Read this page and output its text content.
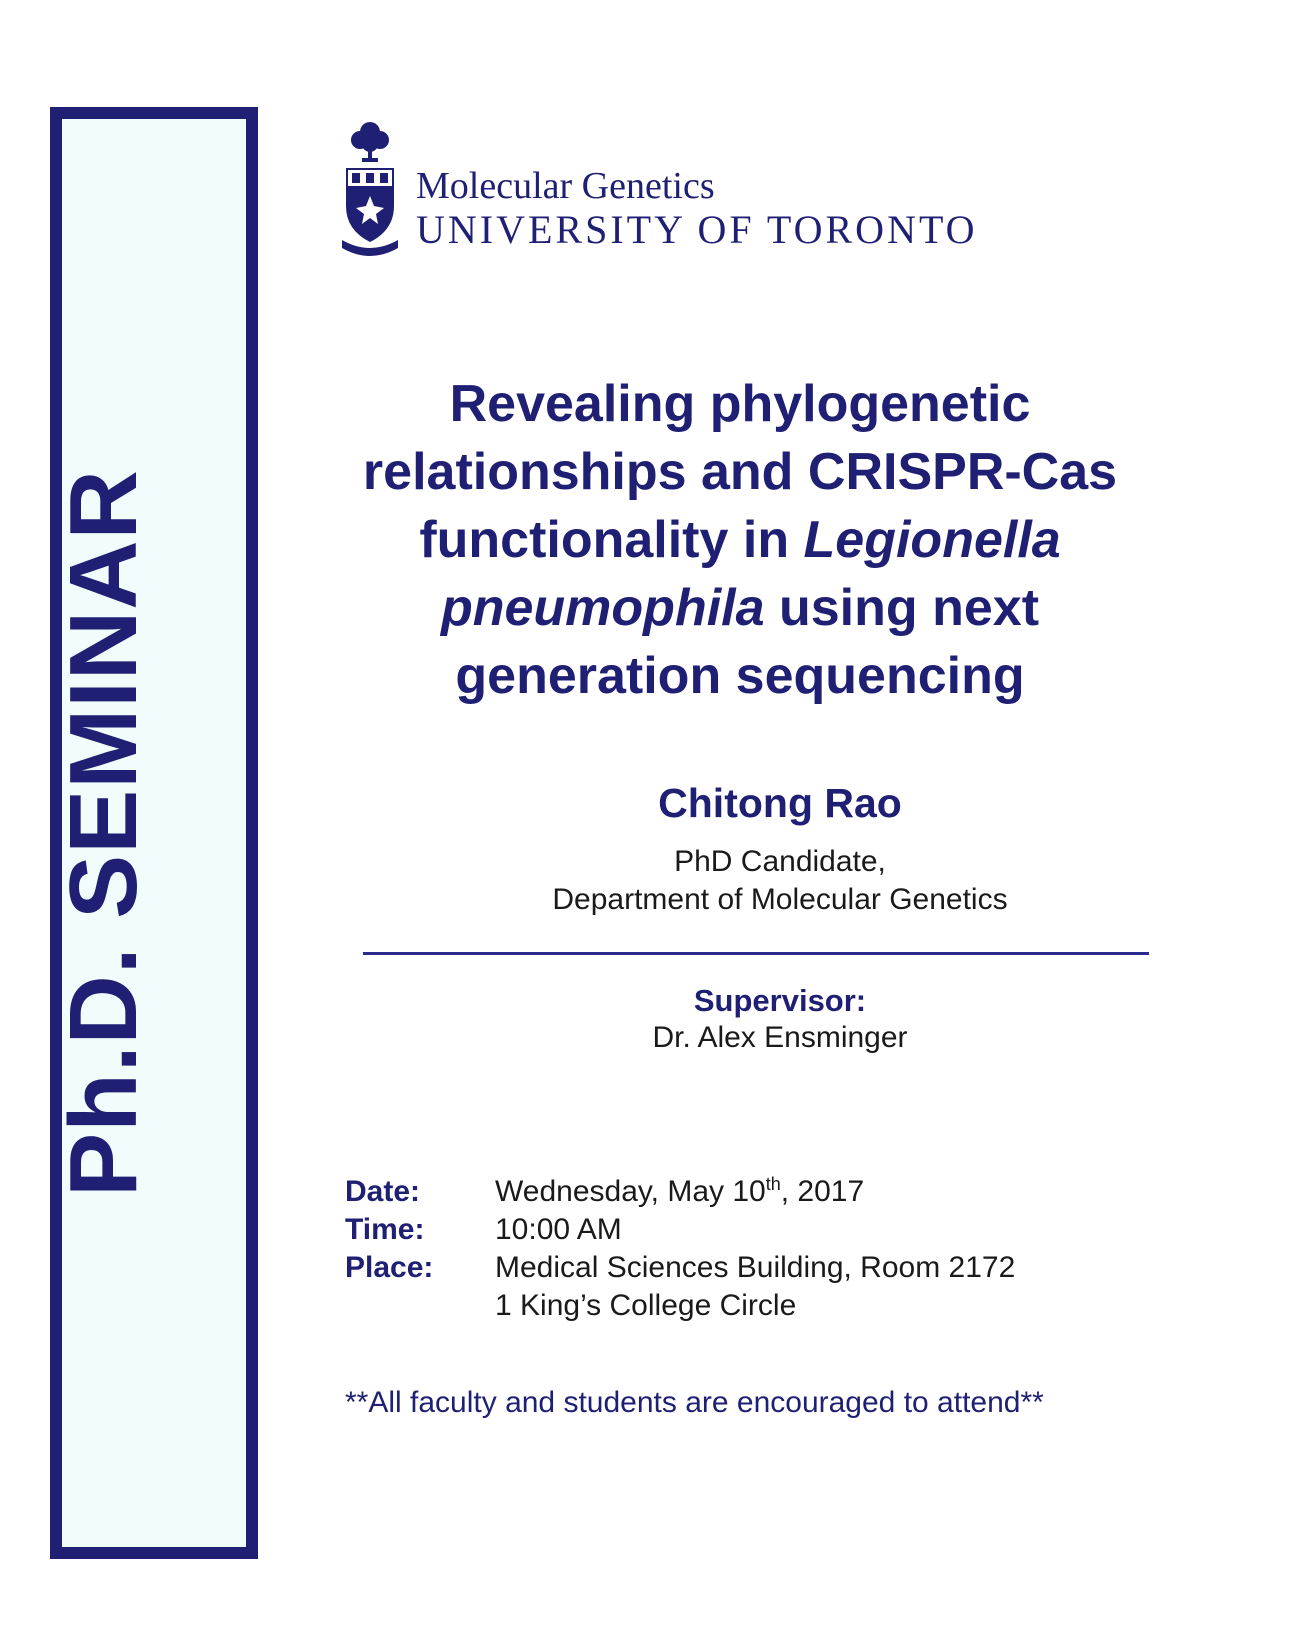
Ph.D. SEMINAR
Molecular Genetics
UNIVERSITY OF TORONTO
Revealing phylogenetic
relationships and CRISPR-Cas
functionality in Legionella
pneumophila using next
generation sequencing
Chitong Rao
PhD Candidate,
Department of Molecular Genetics
Supervisor:
Dr. Alex Ensminger
Date: Wednesday, May 10th, 2017
Time: 10:00 AM
Place: Medical Sciences Building, Room 2172
1 King’s College Circle
**All faculty and students are encouraged to attend**
